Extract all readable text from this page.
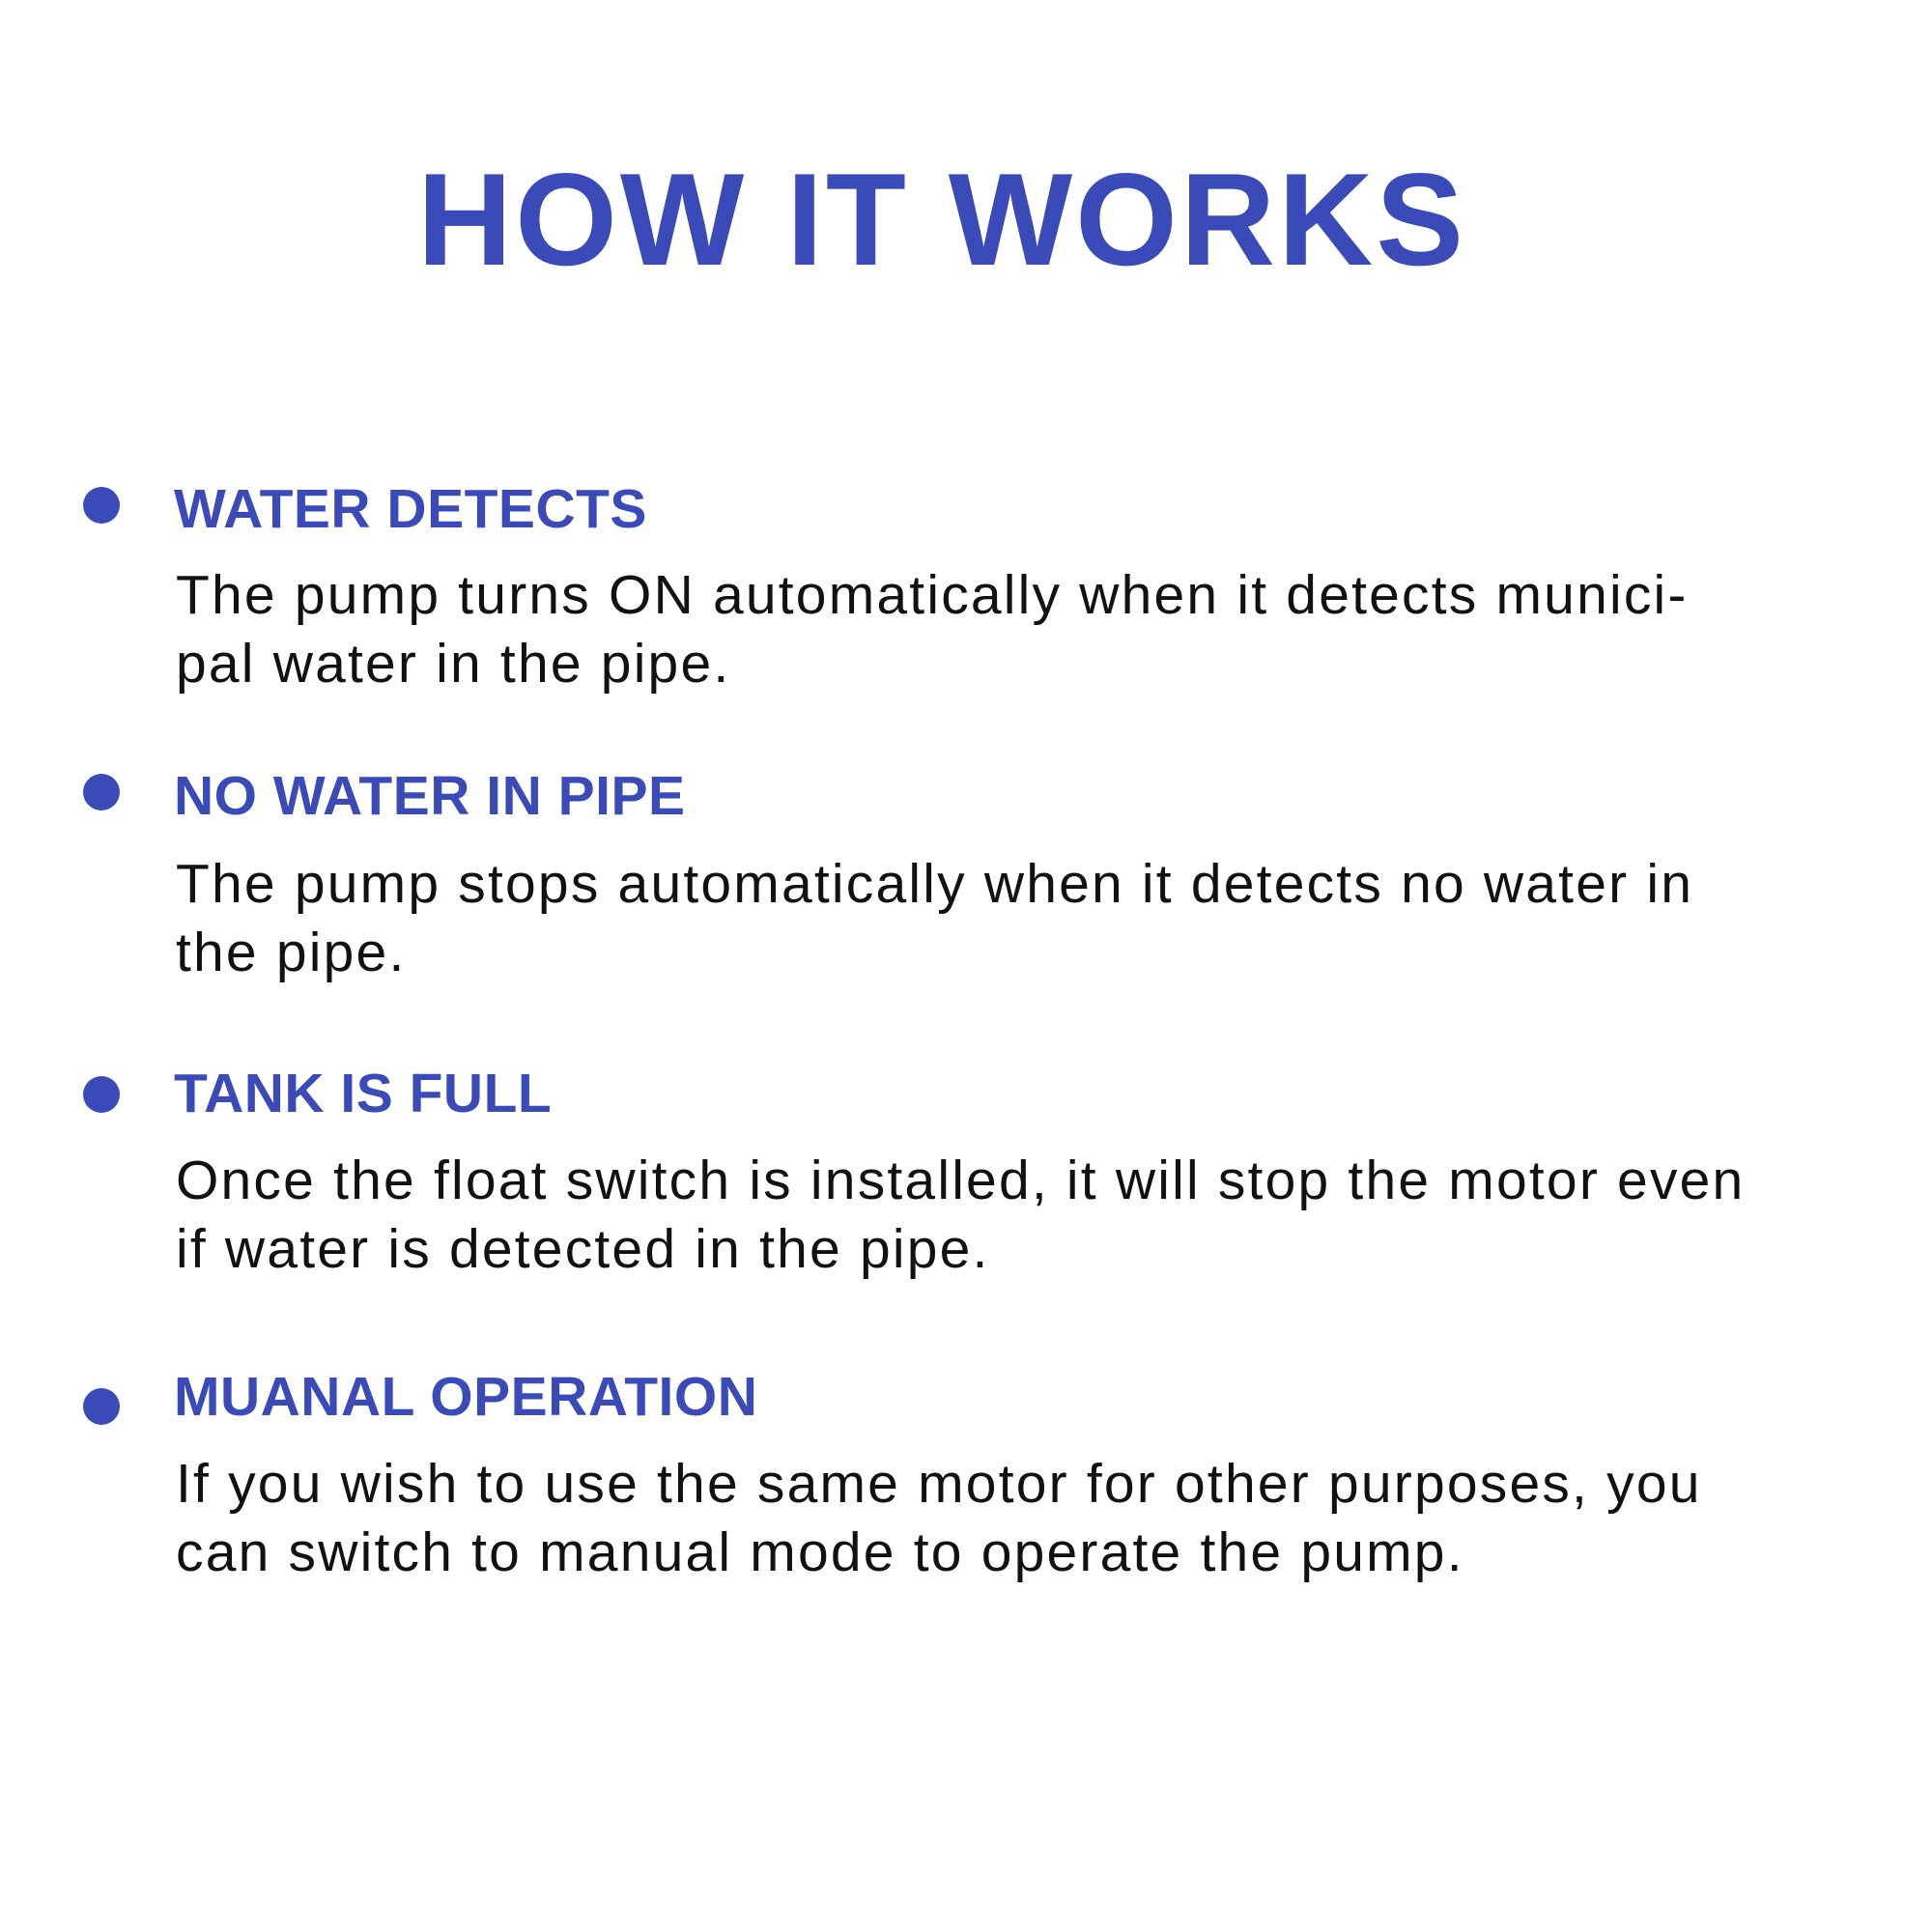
HOW IT WORKS
WATER DETECTS

The pump turns ON automatically when it detects munici-
pal water in the pipe.

NO WATER IN PIPE

The pump stops automatically when it detects no water in
the pipe.

TANK IS FULL

Once the float switch is installed, it will stop the motor even
if water is detected in the pipe.

MUANAL OPERATION

If you wish to use the same motor for other purposes, you
can switch to manual mode to operate the pump.
